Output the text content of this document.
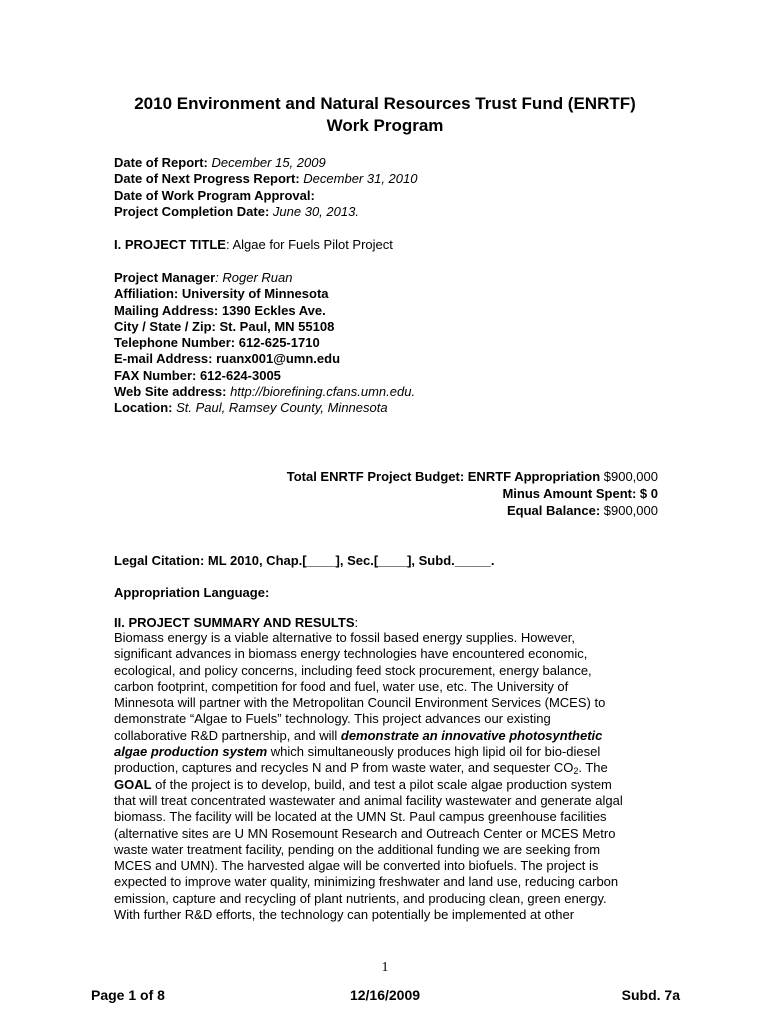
2010 Environment and Natural Resources Trust Fund (ENRTF)
Work Program
Date of Report: December 15, 2009
Date of Next Progress Report: December 31, 2010
Date of Work Program Approval:
Project Completion Date: June 30, 2013.
I. PROJECT TITLE: Algae for Fuels Pilot Project
Project Manager: Roger Ruan
Affiliation: University of Minnesota
Mailing Address: 1390 Eckles Ave.
City / State / Zip: St. Paul, MN 55108
Telephone Number: 612-625-1710
E-mail Address: ruanx001@umn.edu
FAX Number: 612-624-3005
Web Site address: http://biorefining.cfans.umn.edu.
Location: St. Paul, Ramsey County, Minnesota
Total ENRTF Project Budget: ENRTF Appropriation $900,000
Minus Amount Spent: $ 0
Equal Balance: $900,000
Legal Citation: ML 2010, Chap.[____], Sec.[____], Subd._____.
Appropriation Language:
II. PROJECT SUMMARY AND RESULTS:
Biomass energy is a viable alternative to fossil based energy supplies. However,
significant advances in biomass energy technologies have encountered economic,
ecological, and policy concerns, including feed stock procurement, energy balance,
carbon footprint, competition for food and fuel, water use, etc. The University of
Minnesota will partner with the Metropolitan Council Environment Services (MCES) to
demonstrate “Algae to Fuels” technology. This project advances our existing
collaborative R&D partnership, and will demonstrate an innovative photosynthetic
algae production system which simultaneously produces high lipid oil for bio-diesel
production, captures and recycles N and P from waste water, and sequester $CO_2$. The
GOAL of the project is to develop, build, and test a pilot scale algae production system
that will treat concentrated wastewater and animal facility wastewater and generate algal
biomass. The facility will be located at the UMN St. Paul campus greenhouse facilities
(alternative sites are U MN Rosemount Research and Outreach Center or MCES Metro
waste water treatment facility, pending on the additional funding we are seeking from
MCES and UMN). The harvested algae will be converted into biofuels. The project is
expected to improve water quality, minimizing freshwater and land use, reducing carbon
emission, capture and recycling of plant nutrients, and producing clean, green energy.
With further R&D efforts, the technology can potentially be implemented at other
1
Page 1 of 8	12/16/2009	Subd. 7a
